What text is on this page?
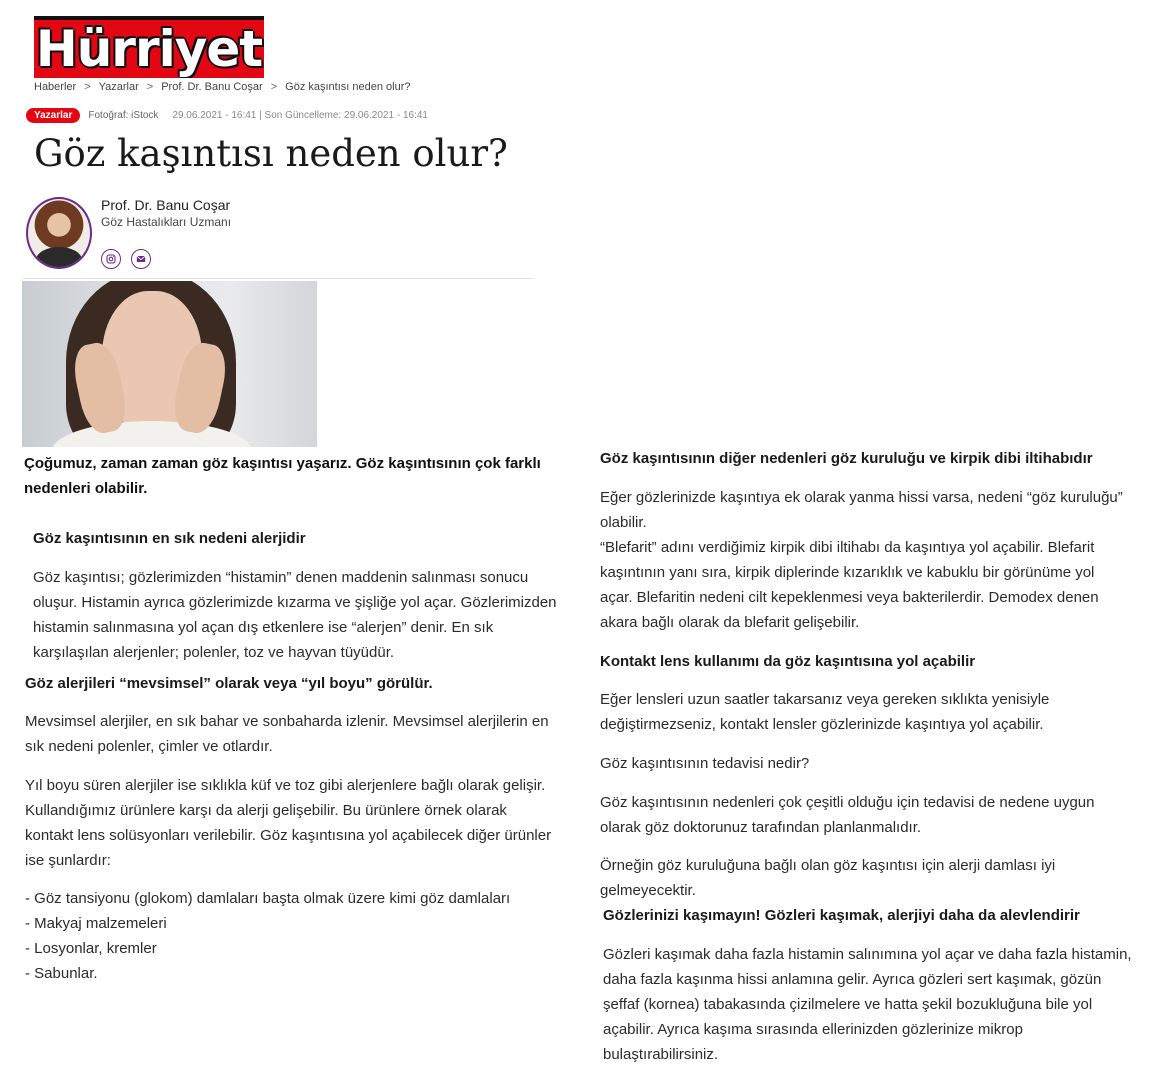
Hürriyet
Haberler > Yazarlar > Prof. Dr. Banu Coşar > Göz kaşıntısı neden olur?
Yazarlar	Fotoğraf: iStock 29.06.2021 - 16:41 | Son Güncelleme: 29.06.2021 - 16:41
Göz kaşıntısı neden olur?
Prof. Dr. Banu Coşar
Göz Hastalıkları Uzmanı

Çoğumuz, zaman zaman göz kaşıntısı yaşarız. Göz kaşıntısının çok farklı

nedenleri olabilir.

Göz kaşıntısının en sık nedeni alerjidir

Göz kaşıntısı; gözlerimizden “histamin” denen maddenin salınması sonucu

oluşur. Histamin ayrıca gözlerimizde kızarma ve şişliğe yol açar. Gözlerimizden

histamin salınmasına yol açan dış etkenlere ise “alerjen” denir. En sık

karşılaşılan alerjenler; polenler, toz ve hayvan tüyüdür.

Göz alerjileri “mevsimsel” olarak veya “yıl boyu” görülür.

Mevsimsel alerjiler, en sık bahar ve sonbaharda izlenir. Mevsimsel alerjilerin en

sık nedeni polenler, çimler ve otlardır.

Yıl boyu süren alerjiler ise sıklıkla küf ve toz gibi alerjenlere bağlı olarak gelişir.

Kullandığımız ürünlere karşı da alerji gelişebilir. Bu ürünlere örnek olarak

kontakt lens solüsyonları verilebilir. Göz kaşıntısına yol açabilecek diğer ürünler

ise şunlardır:

- Göz tansiyonu (glokom) damlaları başta olmak üzere kimi göz damlaları

- Makyaj malzemeleri

- Losyonlar, kremler

- Sabunlar.

Göz kaşıntısının diğer nedenleri göz kuruluğu ve kirpik dibi iltihabıdır

Eğer gözlerinizde kaşıntıya ek olarak yanma hissi varsa, nedeni “göz kuruluğu”

olabilir.

“Blefarit” adını verdiğimiz kirpik dibi iltihabı da kaşıntıya yol açabilir. Blefarit

kaşıntının yanı sıra, kirpik diplerinde kızarıklık ve kabuklu bir görünüme yol

açar. Blefaritin nedeni cilt kepeklenmesi veya bakterilerdir. Demodex denen

akara bağlı olarak da blefarit gelişebilir.

Kontakt lens kullanımı da göz kaşıntısına yol açabilir

Eğer lensleri uzun saatler takarsanız veya gereken sıklıkta yenisiyle

değiştirmezseniz, kontakt lensler gözlerinizde kaşıntıya yol açabilir.

Göz kaşıntısının tedavisi nedir?

Göz kaşıntısının nedenleri çok çeşitli olduğu için tedavisi de nedene uygun

olarak göz doktorunuz tarafından planlanmalıdır.

Örneğin göz kuruluğuna bağlı olan göz kaşıntısı için alerji damlası iyi

gelmeyecektir.

Gözlerinizi kaşımayın! Gözleri kaşımak, alerjiyi daha da alevlendirir

Gözleri kaşımak daha fazla histamin salınımına yol açar ve daha fazla histamin,

daha fazla kaşınma hissi anlamına gelir. Ayrıca gözleri sert kaşımak, gözün

şeffaf (kornea) tabakasında çizilmelere ve hatta şekil bozukluğuna bile yol

açabilir. Ayrıca kaşıma sırasında ellerinizden gözlerinize mikrop

bulaştırabilirsiniz.
